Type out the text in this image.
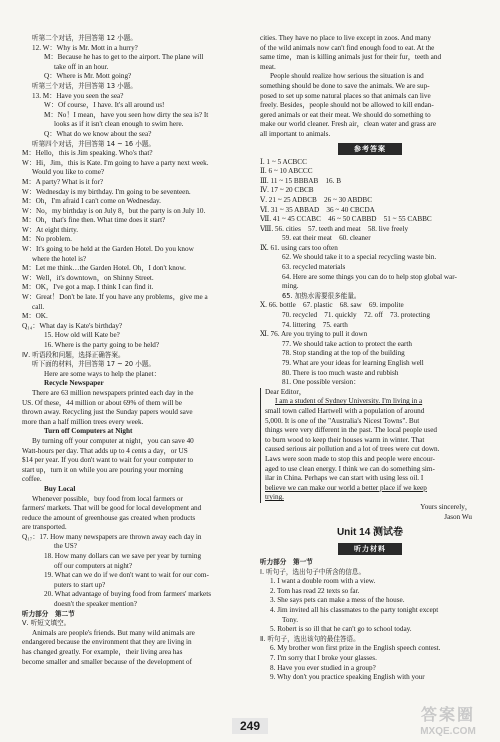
听第二个对话，并回答第 12 小题。
12. W：Why is Mr. Mott in a hurry?
M：Because he has to get to the airport. The plane will
take off in an hour.
Q：Where is Mr. Mott going?
听第三个对话，并回答第 13 小题。
13. M：Have you seen the sea?
W：Of course，I have. It's all around us!
M：No！I mean，have you seen how dirty the sea is? It
looks as if it isn't clean enough to swim here.
Q：What do we know about the sea?
听第四个对话，并回答第 14 ~ 16 小题。
M：Hello，this is Jim speaking. Who's that?
W：Hi，Jim，this is Kate. I'm going to have a party next week.
Would you like to come?
M：A party? What is it for?
W：Wednesday is my birthday. I'm going to be seventeen.
M：Oh，I'm afraid I can't come on Wednesday.
W：No，my birthday is on July 8，but the party is on July 10.
M：Oh，that's fine then. What time does it start?
W：At eight thirty.
M：No problem.
W：It's going to be held at the Garden Hotel. Do you know
where the hotel is?
M：Let me think…the Garden Hotel. Oh，I don't know.
W：Well，it's downtown，on Shinny Street.
M：OK，I've got a map. I think I can find it.
W：Great！Don't be late. If you have any problems，give me a
call.
M：OK.
Q₁₄：What day is Kate's birthday?
15. How old will Kate be?
16. Where is the party going to be held?
Ⅳ. 听语段和问题，选择正确答案。
听下面的材料，并回答第 17 ~ 20 小题。
Here are some ways to help the planet：
Recycle Newspaper
There are 63 million newspapers printed each day in the
US. Of these，44 million or about 69% of them will be
thrown away. Recycling just the Sunday papers would save
more than a half million trees every week.
Turn off Computers at Night
By turning off your computer at night，you can save 40
Watt-hours per day. That adds up to 4 cents a day，or US
$14 per year. If you don't want to wait for your computer to
start up，turn it on while you are pouring your morning
coffee.
Buy Local
Whenever possible，buy food from local farmers or
farmers' markets. That will be good for local development and
reduce the amount of greenhouse gas created when products
are transported.
Q₁₇：17. How many newspapers are thrown away each day in
the US?
18. How many dollars can we save per year by turning
off our computers at night?
19. What can we do if we don't want to wait for our com-
puters to start up?
20. What advantage of buying food from farmers' markets
doesn't the speaker mention?
听力部分　第二节
Ⅴ. 听短文填空。
Animals are people's friends. But many wild animals are
endangered because the environment that they are living in
has changed greatly. For example，their living area has
become smaller and smaller because of the development of
cities. They have no place to live except in zoos. And many
of the wild animals now can't find enough food to eat. At the
same time，man is killing animals just for their fur，teeth and
meat.
People should realize how serious the situation is and
something should be done to save the animals. We are sup-
posed to set up some natural places so that animals can live
freely. Besides，people should not be allowed to kill endan-
gered animals or eat their meat. We should do something to
make our world cleaner. Fresh air，clean water and grass are
all important to animals.
参考答案
Ⅰ. 1 ~ 5 ACBCC
Ⅱ. 6 ~ 10 ABCCC
Ⅲ. 11 ~ 15 BBBAB　16. B
Ⅳ. 17 ~ 20 CBCB
Ⅴ. 21 ~ 25 ADBCB　26 ~ 30 ABDBC
Ⅵ. 31 ~ 35 ABBAD　36 ~ 40 CBCDA
Ⅶ. 41 ~ 45 CCABC　46 ~ 50 CABBD　51 ~ 55 CABBC
Ⅷ. 56. cities　57. teeth and meat　58. live freely
59. eat their meat　60. cleaner
Ⅸ. 61. using cars too often
62. We should take it to a special recycling waste bin.
63. recycled materials
64. Here are some things you can do to help stop global war-
ming.
65. 加热水需要很多能量。
Ⅹ. 66. bottle　67. plastic　68. saw　69. impolite
70. recycled　71. quickly　72. off　73. protecting
74. littering　75. earth
Ⅺ. 76. Are you trying to pull it down
77. We should take action to protect the earth
78. Stop standing at the top of the building
79. What are your ideas for learning English well
80. There is too much waste and rubbish
81. One possible version：
Dear Editor，
I am a student of Sydney University. I'm living in a
small town called Hartwell with a population of around
5,000. It is one of the "Australia's Nicest Towns". But
things were very different in the past. The local people used
to burn wood to keep their houses warm in winter. That
caused serious air pollution and a lot of trees were cut down.
Laws were soon made to stop this and people were encour-
aged to use clean energy. I think we can do something sim-
ilar in China. Perhaps we can start with using less oil. I
believe we can make our world a better place if we keep
trying.
Yours sincerely，
Jason Wu
Unit 14 测试卷
听力材料
听力部分　第一节
Ⅰ. 听句子，选出句子中所含的信息。
1. I want a double room with a view.
2. Tom has read 22 texts so far.
3. She says pets can make a mess of the house.
4. Jim invited all his classmates to the party tonight except
Tony.
5. Robert is so ill that he can't go to school today.
Ⅱ. 听句子，选出该句的最佳答语。
6. My brother won first prize in the English speech contest.
7. I'm sorry that I broke your glasses.
8. Have you ever studied in a group?
9. Why don't you practice speaking English with your
249
答案圈
MXQE.COM
